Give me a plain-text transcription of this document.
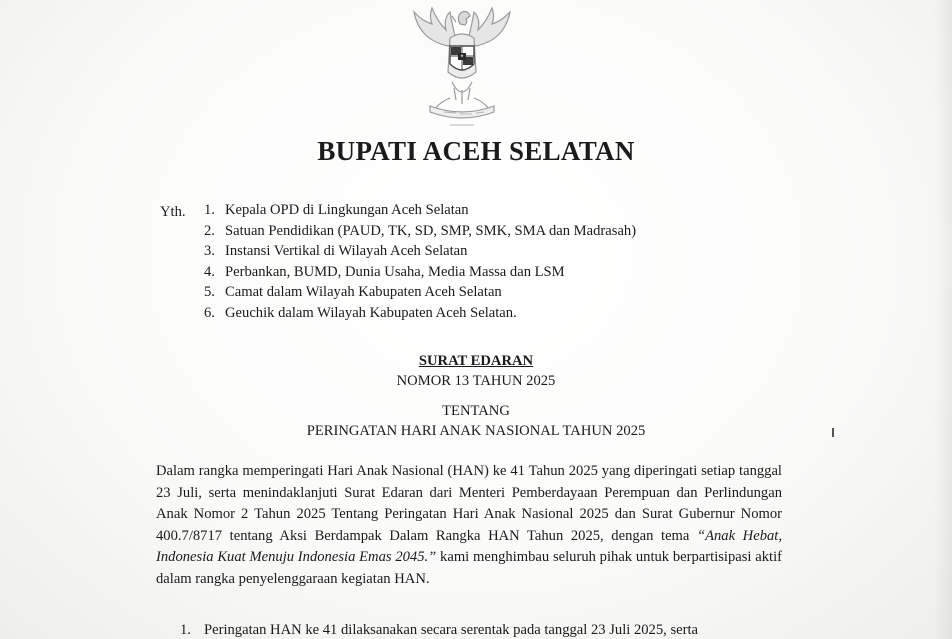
BUPATI ACEH SELATAN
Yth. 1. Kepala OPD di Lingkungan Aceh Selatan
2. Satuan Pendidikan (PAUD, TK, SD, SMP, SMK, SMA dan Madrasah)
3. Instansi Vertikal di Wilayah Aceh Selatan
4. Perbankan, BUMD, Dunia Usaha, Media Massa dan LSM
5. Camat dalam Wilayah Kabupaten Aceh Selatan
6. Geuchik dalam Wilayah Kabupaten Aceh Selatan.
SURAT EDARAN
NOMOR 13 TAHUN 2025
TENTANG
PERINGATAN HARI ANAK NASIONAL TAHUN 2025
Dalam rangka memperingati Hari Anak Nasional (HAN) ke 41 Tahun 2025 yang diperingati setiap tanggal 23 Juli, serta menindaklanjuti Surat Edaran dari Menteri Pemberdayaan Perempuan dan Perlindungan Anak Nomor 2 Tahun 2025 Tentang Peringatan Hari Anak Nasional 2025 dan Surat Gubernur Nomor 400.7/8717 tentang Aksi Berdampak Dalam Rangka HAN Tahun 2025, dengan tema “Anak Hebat, Indonesia Kuat Menuju Indonesia Emas 2045.” kami menghimbau seluruh pihak untuk berpartisipasi aktif dalam rangka penyelenggaraan kegiatan HAN.
1. Peringatan HAN ke 41 dilaksanakan secara serentak pada tanggal 23 Juli 2025, serta
